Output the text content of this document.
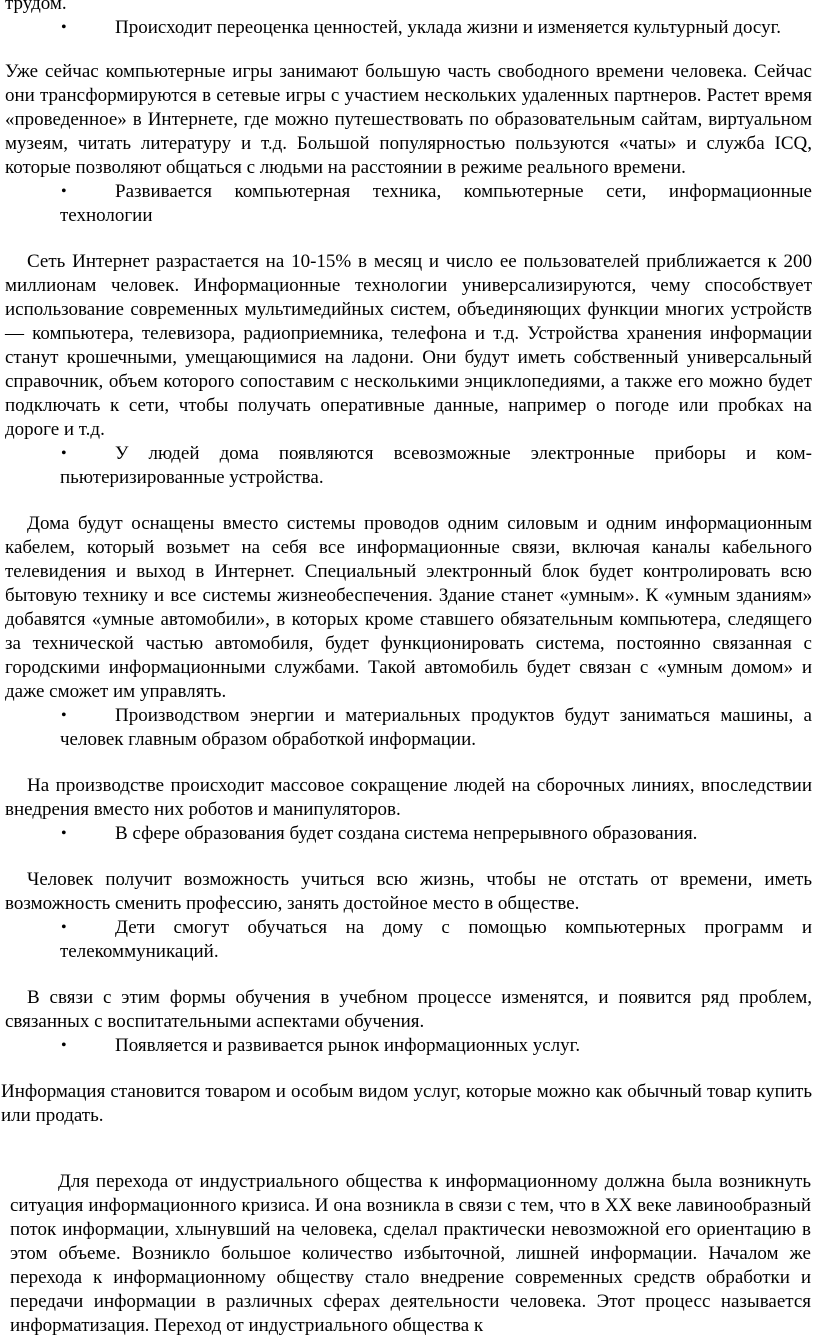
трудом.

• Происходит переоценка ценностей, уклада жизни и изменяется культурный досуг.

Уже сейчас компьютерные игры занимают большую часть свободного времени человека. Сейчас они трансформируются в сетевые игры с участием нескольких удаленных партнеров. Растет время «проведенное» в Интернете, где можно путешествовать по образовательным сайтам, виртуальном музеям, читать литературу и т.д. Большой популярностью пользуются «чаты» и служба ICQ, которые позволяют общаться с людьми на расстоянии в режиме реального времени.

• Развивается компьютерная техника, компьютерные сети, информационные технологии

Сеть Интернет разрастается на 10-15% в месяц и число ее пользователей приближается к 200 миллионам человек. Информационные технологии универсализируются, чему способствует использование современных мультимедийных систем, объединяющих функции многих устройств — компьютера, телевизора, радиоприемника, телефона и т.д. Устройства хранения информации станут крошечными, умещающимися на ладони. Они будут иметь собственный универсальный справочник, объем которого сопоставим с несколькими энциклопедиями, а также его можно будет подключать к сети, чтобы получать оперативные данные, например о погоде или пробках на дороге и т.д.

• У людей дома появляются всевозможные электронные приборы и компьютеризированные устройства.

Дома будут оснащены вместо системы проводов одним силовым и одним информационным кабелем, который возьмет на себя все информационные связи, включая каналы кабельного телевидения и выход в Интернет. Специальный электронный блок будет контролировать всю бытовую технику и все системы жизнеобеспечения. Здание станет «умным». К «умным зданиям» добавятся «умные автомобили», в которых кроме ставшего обязательным компьютера, следящего за технической частью автомобиля, будет функционировать система, постоянно связанная с городскими информационными службами. Такой автомобиль будет связан с «умным домом» и даже сможет им управлять.

• Производством энергии и материальных продуктов будут заниматься машины, а человек главным образом обработкой информации.

На производстве происходит массовое сокращение людей на сборочных линиях, впоследствии внедрения вместо них роботов и манипуляторов.

• В сфере образования будет создана система непрерывного образования.

Человек получит возможность учиться всю жизнь, чтобы не отстать от времени, иметь возможность сменить профессию, занять достойное место в обществе.

• Дети смогут обучаться на дому с помощью компьютерных программ и телекоммуникаций.

В связи с этим формы обучения в учебном процессе изменятся, и появится ряд проблем, связанных с воспитательными аспектами обучения.

• Появляется и развивается рынок информационных услуг.

Информация становится товаром и особым видом услуг, которые можно как обычный товар купить или продать.

Для перехода от индустриального общества к информационному должна была возникнуть ситуация информационного кризиса. И она возникла в связи с тем, что в XX веке лавинообразный поток информации, хлынувший на человека, сделал практически невозможной его ориентацию в этом объеме. Возникло большое количество избыточной, лишней информации. Началом же перехода к информационному обществу стало внедрение современных средств обработки и передачи информации в различных сферах деятельности человека. Этот процесс называется информатизация. Переход от индустриального общества к
